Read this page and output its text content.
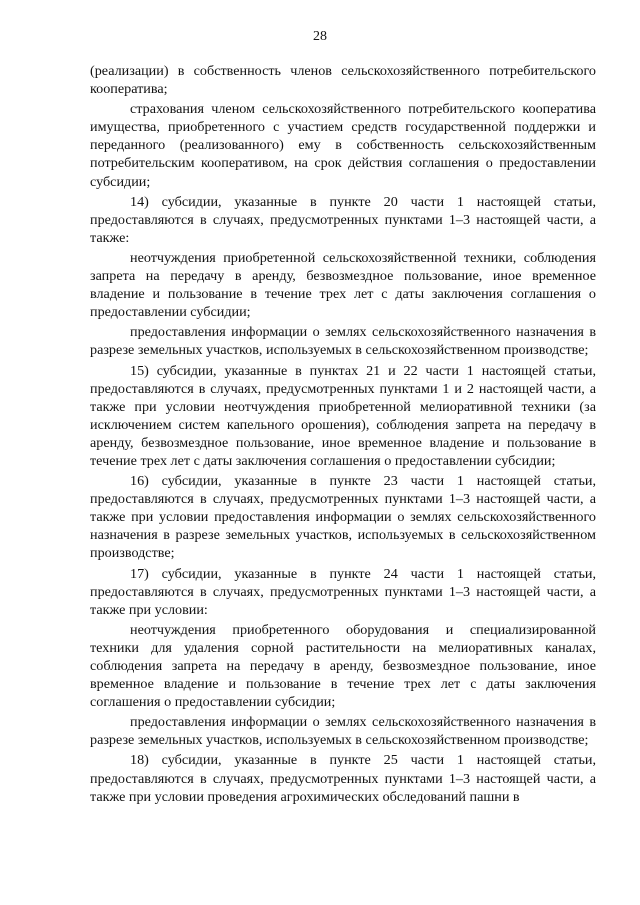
28

(реализации) в собственность членов сельскохозяйственного потребительского кооператива;

страхования членом сельскохозяйственного потребительского кооператива имущества, приобретенного с участием средств государственной поддержки и переданного (реализованного) ему в собственность сельскохозяйственным потребительским кооперативом, на срок действия соглашения о предоставлении субсидии;

14) субсидии, указанные в пункте 20 части 1 настоящей статьи, предоставляются в случаях, предусмотренных пунктами 1–3 настоящей части, а также:

неотчуждения приобретенной сельскохозяйственной техники, соблюдения запрета на передачу в аренду, безвозмездное пользование, иное временное владение и пользование в течение трех лет с даты заключения соглашения о предоставлении субсидии;

предоставления информации о землях сельскохозяйственного назначения в разрезе земельных участков, используемых в сельскохозяйственном производстве;

15) субсидии, указанные в пунктах 21 и 22 части 1 настоящей статьи, предоставляются в случаях, предусмотренных пунктами 1 и 2 настоящей части, а также при условии неотчуждения приобретенной мелиоративной техники (за исключением систем капельного орошения), соблюдения запрета на передачу в аренду, безвозмездное пользование, иное временное владение и пользование в течение трех лет с даты заключения соглашения о предоставлении субсидии;

16) субсидии, указанные в пункте 23 части 1 настоящей статьи, предоставляются в случаях, предусмотренных пунктами 1–3 настоящей части, а также при условии предоставления информации о землях сельскохозяйственного назначения в разрезе земельных участков, используемых в сельскохозяйственном производстве;

17) субсидии, указанные в пункте 24 части 1 настоящей статьи, предоставляются в случаях, предусмотренных пунктами 1–3 настоящей части, а также при условии:

неотчуждения приобретенного оборудования и специализированной техники для удаления сорной растительности на мелиоративных каналах, соблюдения запрета на передачу в аренду, безвозмездное пользование, иное временное владение и пользование в течение трех лет с даты заключения соглашения о предоставлении субсидии;

предоставления информации о землях сельскохозяйственного назначения в разрезе земельных участков, используемых в сельскохозяйственном производстве;

18) субсидии, указанные в пункте 25 части 1 настоящей статьи, предоставляются в случаях, предусмотренных пунктами 1–3 настоящей части, а также при условии проведения агрохимических обследований пашни в
